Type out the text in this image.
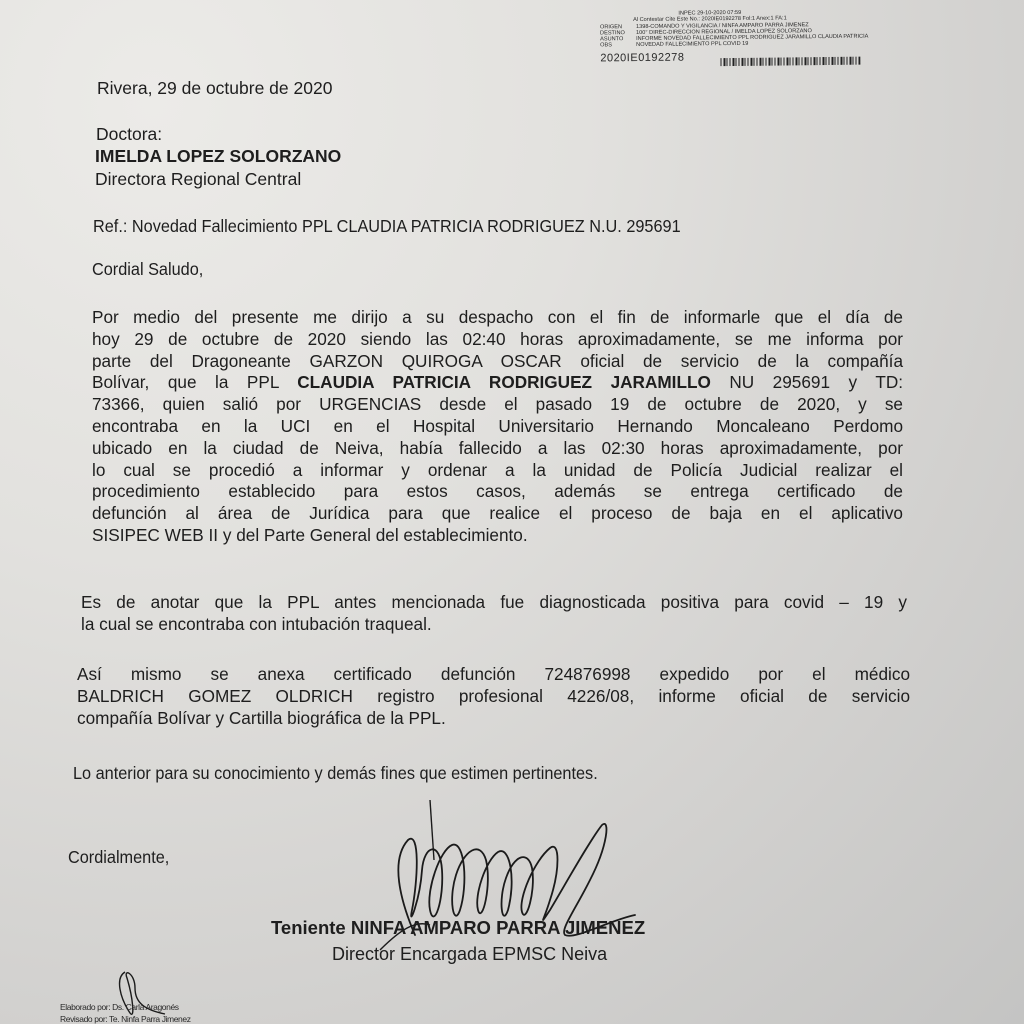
INPEC 29-10-2020 07:59
Al Contestar Cite Este No.: 2020IE0192278 Fol:1 Anex:1 FA:1
ORIGEN	1398-COMANDO Y VIGILANCIA / NINFA AMPARO PARRA JIMENEZ
DESTINO	100° DIREC-DIRECCION REGIONAL / IMELDA LOPEZ SOLORZANO
ASUNTO	INFORME NOVEDAD FALLECIMIENTO PPL RODRIGUEZ JARAMILLO CLAUDIA PATRICIA
OBS	NOVEDAD FALLECIMIENTO PPL COVID 19
2020IE0192278
Rivera, 29 de octubre de 2020
Doctora:
IMELDA LOPEZ SOLORZANO
Directora Regional Central
Ref.: Novedad Fallecimiento PPL CLAUDIA PATRICIA RODRIGUEZ N.U. 295691
Cordial Saludo,
Por medio del presente me dirijo a su despacho con el fin de informarle que el día de
hoy 29 de octubre de 2020 siendo las 02:40 horas aproximadamente, se me informa por
parte del Dragoneante GARZON QUIROGA OSCAR oficial de servicio de la compañía
Bolívar, que la PPL CLAUDIA PATRICIA RODRIGUEZ JARAMILLO NU 295691 y TD:
73366, quien salió por URGENCIAS desde el pasado 19 de octubre de 2020, y se
encontraba en la UCI en el Hospital Universitario Hernando Moncaleano Perdomo
ubicado en la ciudad de Neiva, había fallecido a las 02:30 horas aproximadamente, por
lo cual se procedió a informar y ordenar a la unidad de Policía Judicial realizar el
procedimiento establecido para estos casos, además se entrega certificado de
defunción al área de Jurídica para que realice el proceso de baja en el aplicativo
SISIPEC WEB II y del Parte General del establecimiento.
Es de anotar que la PPL antes mencionada fue diagnosticada positiva para covid – 19 y
la cual se encontraba con intubación traqueal.
Así mismo se anexa certificado defunción 724876998 expedido por el médico
BALDRICH GOMEZ OLDRICH registro profesional 4226/08, informe oficial de servicio
compañía Bolívar y Cartilla biográfica de la PPL.
Lo anterior para su conocimiento y demás fines que estimen pertinentes.
Cordialmente,
Teniente NINFA AMPARO PARRA JIMENEZ
Director Encargada EPMSC Neiva
Elaborado por: Ds. Carla Aragonés
Revisado por: Te. Ninfa Parra Jimenez
